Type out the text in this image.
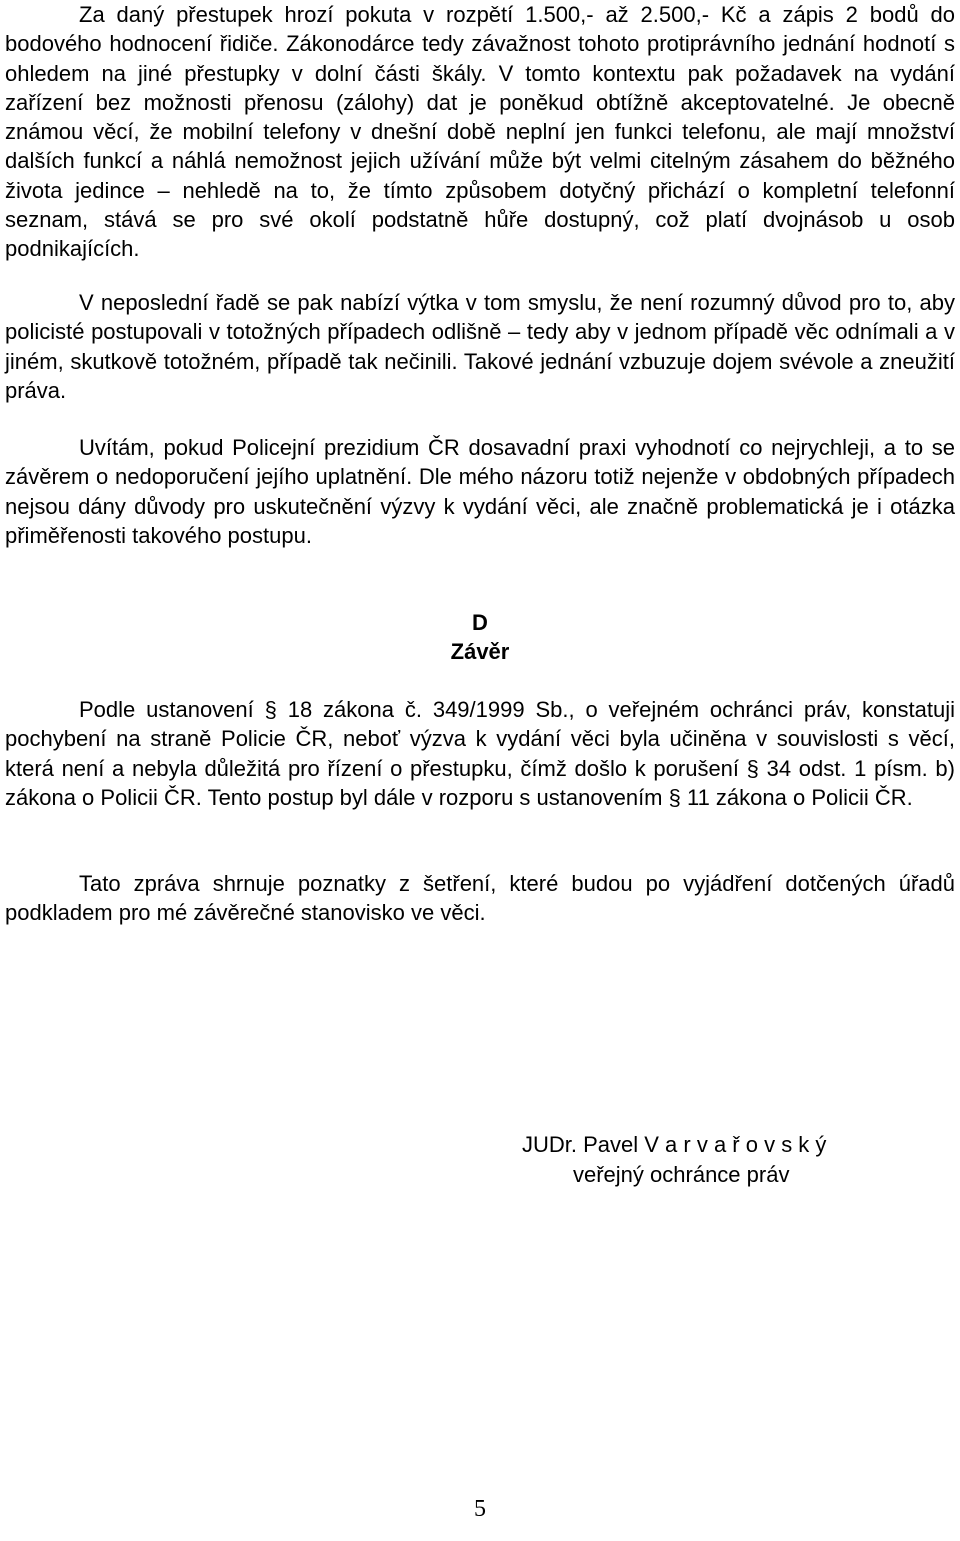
Za daný přestupek hrozí pokuta v rozpětí 1.500,- až 2.500,- Kč a zápis 2 bodů do bodového hodnocení řidiče. Zákonodárce tedy závažnost tohoto protiprávního jednání hodnotí s ohledem na jiné přestupky v dolní části škály. V tomto kontextu pak požadavek na vydání zařízení bez možnosti přenosu (zálohy) dat je poněkud obtížně akceptovatelné. Je obecně známou věcí, že mobilní telefony v dnešní době neplní jen funkci telefonu, ale mají množství dalších funkcí a náhlá nemožnost jejich užívání může být velmi citelným zásahem do běžného života jedince – nehledě na to, že tímto způsobem dotyčný přichází o kompletní telefonní seznam, stává se pro své okolí podstatně hůře dostupný, což platí dvojnásob u osob podnikajících.

V neposlední řadě se pak nabízí výtka v tom smyslu, že není rozumný důvod pro to, aby policisté postupovali v totožných případech odlišně – tedy aby v jednom případě věc odnímali a v jiném, skutkově totožném, případě tak nečinili. Takové jednání vzbuzuje dojem svévole a zneužití práva.

Uvítám, pokud Policejní prezidium ČR dosavadní praxi vyhodnotí co nejrychleji, a to se závěrem o nedoporučení jejího uplatnění. Dle mého názoru totiž nejenže v obdobných případech nejsou dány důvody pro uskutečnění výzvy k vydání věci, ale značně problematická je i otázka přiměřenosti takového postupu.

D

Závěr

Podle ustanovení § 18 zákona č. 349/1999 Sb., o veřejném ochránci práv, konstatuji pochybení na straně Policie ČR, neboť výzva k vydání věci byla učiněna v souvislosti s věcí, která není a nebyla důležitá pro řízení o přestupku, čímž došlo k porušení § 34 odst. 1 písm. b) zákona o Policii ČR. Tento postup byl dále v rozporu s ustanovením § 11 zákona o Policii ČR.

Tato zpráva shrnuje poznatky z šetření, které budou po vyjádření dotčených úřadů podkladem pro mé závěrečné stanovisko ve věci.

JUDr. Pavel V a r v a ř o v s k ý
veřejný ochránce práv
5
